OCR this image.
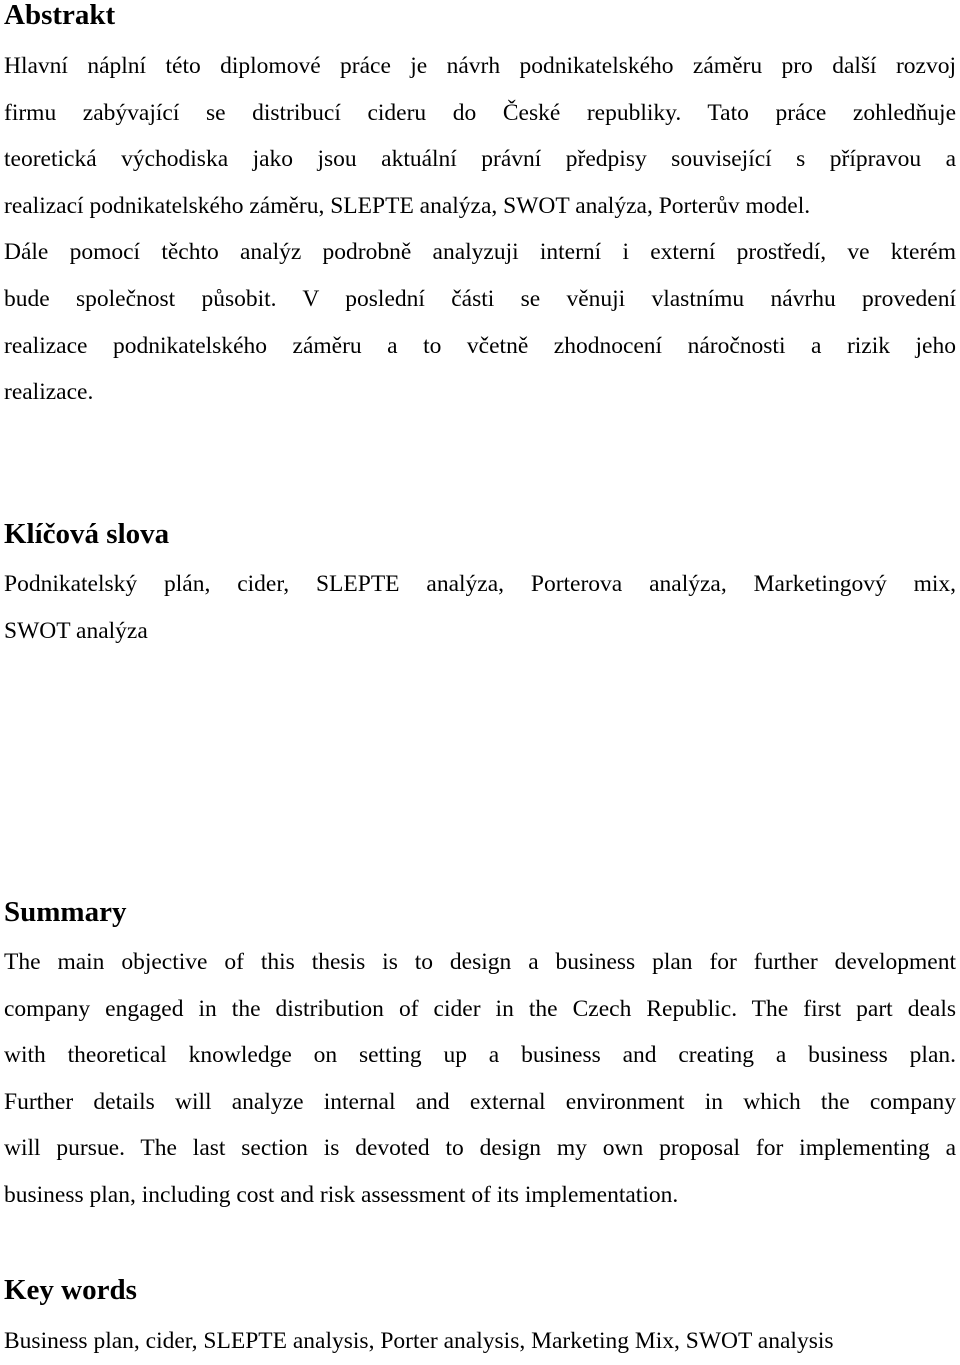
Abstrakt
Hlavní náplní této diplomové práce je návrh podnikatelského záměru pro další rozvoj
firmu zabývající se distribucí cideru do České republiky. Tato práce zohledňuje
teoretická východiska jako jsou aktuální právní předpisy související s přípravou a
realizací podnikatelského záměru, SLEPTE analýza, SWOT analýza, Porterův model.
Dále pomocí těchto analýz podrobně analyzuji interní i externí prostředí, ve kterém
bude společnost působit. V poslední části se věnuji vlastnímu návrhu provedení
realizace podnikatelského záměru a to včetně zhodnocení náročnosti a rizik jeho
realizace.
Klíčová slova
Podnikatelský plán, cider, SLEPTE analýza, Porterova analýza, Marketingový mix,
SWOT analýza
Summary
The main objective of this thesis is to design a business plan for further development
company engaged in the distribution of cider in the Czech Republic. The first part deals
with theoretical knowledge on setting up a business and creating a business plan.
Further details will analyze internal and external environment in which the company
will pursue. The last section is devoted to design my own proposal for implementing a
business plan, including cost and risk assessment of its implementation.
Key words
Business plan, cider, SLEPTE analysis, Porter analysis, Marketing Mix, SWOT analysis
